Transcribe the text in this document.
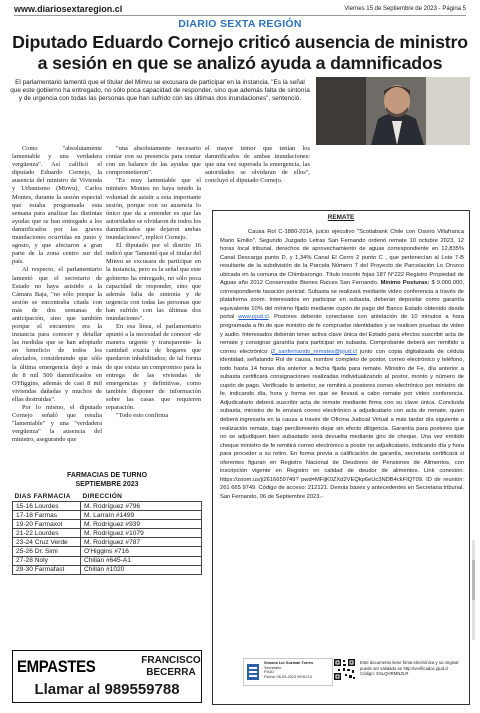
www.diariosextaregion.cl	Viernes 15 de Septiembre de 2023 - Página 5
DIARIO SEXTA REGIÓN
Diputado Eduardo Cornejo criticó ausencia de ministro a sesión en que se analizó ayuda a damnificados
El parlamentario lamentó que el titular del Minvu se excusara de participar en la instancia. "Es la señal que este gobierno ha entregado, no sólo poca capacidad de responder, sino que además falta de sintonía y de urgencia con todas las personas que han sufrido con las últimas dos inundaciones", sentenció.

Como "absolutamente lamentable y una verdadera vergüenza". Así calificó el diputado Eduardo Cornejo, la ausencia del ministro de Vivienda y Urbanismo (Minvu), Carlos Montes, durante la sesión especial que estaba programada esta semana para analizar las distintas ayudas que se han entregado a los damnificados por las graves inundaciones ocurridas en junio y agosto, y que afectaron a gran parte de la zona centro sur del país.

Al respecto, el parlamentario lamentó que el secretario de Estado no haya asistido a la Cámara Baja, "no sólo porque la sesión se encontraba citada con más de dos semanas de anticipación, sino que también porque el encuentro era la instancia para conocer y detallar las medidas que se han adoptado en beneficio de todos los afectados, considerando que sólo la última emergencia dejó a más de 8 mil 500 damnificados en O'Higgins, además de casi 8 mil viviendas dañadas y muchos de ellas destruidas".

Por lo mismo, el diputado Cornejo señaló que resulta "lamentable" y una "verdadera vergüenza" la ausencia del ministro, asegurando que

"una absolutamente necesario contar con su presencia para contar con un balance de las ayudas que comprometieron".

"Es muy lamentable que el ministro Montes no haya tenido la voluntad de asistir a esta importante sesión, porque con su ausencia lo único que da a entender es que las autoridades se olvidaron de todos los damnificados que dejaron ambas inundaciones", replicó Cornejo.

El diputado por el distrito 16 indicó que "lamentó que el titular del Minvu se excusara de participar en la instancia, pero es la señal que este gobierno ha entregado, no sólo poca capacidad de responder, sino que además falta de sintonía y de urgencia con todas las personas que han sufrido con las últimas dos inundaciones".

En esa línea, el parlamentario apuntó a la necesidad de conocer -de manera urgente y transparente- la cantidad exacta de hogares que quedaron inhabilitados; de tal forma de que exista un compromiso para la entrega de las viviendas de emergencias y definitivas, como también disponer de información sobre las casas que requieren reparación.

"Todo esto confirma

el mayor temor que tenían los damnificados de ambas inundaciones: que una vez superada la emergencia, las autoridades se olvidaran de ellos", concluyó el diputado Cornejo.

REMATE
Causa Rol C-1880-2014, juicio ejecutivo "Scotiabank Chile con Osorio Villafranca Mario Emilio". Segundo Juzgado Letras San Fernando ordenó remate 10 octubre 2023, 12 horas local tribunal, derechos de aprovechamiento de aguas correspondiente en 12,835% Canal Descarga punto D, y 1,34% Canal El Cerro 2 punto C , que pertenecían al Lote 7-B resultante de la subdivisión de la Parcela Número 7 del Proyecto de Parcelación Lo Orozco ubicada en la comuna de Chimbarongo. Título inscrito fojas 187 N°222 Registro Propiedad de Aguas año 2012 Conservador Bienes Raíces San Fernando. Mínimo Posturas: $ 9.000.000, correspondiente tasación pericial. Subasta se realizará mediante video conferencia a través de plataforma zoom. Interesados en participar en subasta, deberán depositar como garantía equivalente 10% del mínimo fijado mediante cupón de pago del Banco Estado obtenido desde portal www.pjud.cl. Postores deberán conectarse con antelación de 10 minutos a hora programada a fin de que ministro de fe compruebe identidades y se realicen pruebas de video y audio. Interesados deberán tener activa clave única del Estado para efectos suscribir acta de remate y consignar garantía para participar en subasta. Comprobante deberá ser remitido a correo electrónico j2_sanfernando_remates@pjud.cl junto con copia digitalizada de cédula identidad, señalando Rol de causa, nombre completo de postor, correo electrónico y teléfono, todo hasta 14 horas día anterior a fecha fijada para remate. Ministro de Fe, día anterior a subasta certificará consignaciones realizadas individualizando al postor, monto y número de cupón de pago. Verificado lo anterior, se remitirá a postores correo electrónico por ministro de fe, indicando día, hora y forma en que se llevará a cabo remate por video conferencia. Adjudicatario deberá suscribir acta de remate mediante firma con su clave única. Concluida subasta, ministro de fe enviará correo electrónico a adjudicatario con acta de remate, quien deberá ingresarla en la causa a través de Oficina Judicial Virtual a más tardar día siguiente a realización remate, bajo percibimiento dejar sin efecto diligencia. Garantía para postores que no se adjudiquen bien subastado será devuelta mediante giro de cheque. Una vez emitido cheque ministro de fe remitirá correo electrónico a postor no adjudicatario, indicando día y hora para proceder a su retiro. En forma previa a calificación de garantía, secretaria certificará si oferentes figuran en Registro Nacional de Deudores de Pensiones de Alimentos, con inscripción vigente en Registro en calidad de deudor de alimentos. Link conexión: https://zoom.us/j/2616659749? pwd=MFljK0ZXd2VEQkp6eUc3NDB4ckFIQT09. ID de reunión: 261 665 9749. Código de acceso: 212121. Demás bases y antecedentes en Secretaria tribunal. San Fernando, 06 de Septiembre 2023.-
Simona Lui Guzmán Torres
Secretario
PJUD
Fecha: 06-09-2023 09:50:13
Este documento tiene firma electrónica y su original puede ser validado en http://verificadoc.pjud.cl
Código: XSLQHRMNZLR
FARMACIAS DE TURNO
SEPTIEMBRE 2023
DIAS FARMACIA	DIRECCIÓN
15-16 Lourdes	M. Rodríguez #796
17-18 Farmas	M. Larraín #1499
19-20 Farmaxol	M. Rodríguez #939
21-22 Lourdes	M. Rodríguez #1079
23-24 Cruz Verde	M. Rodríguez #787
25-26 Dr. Simi	O'Higgins #716
27-28 Noly	Chillán #645-A1
29-30 Farmafast	Chillán #1020
EMPASTES	FRANCISCO BECERRA
Llamar al 989559788
